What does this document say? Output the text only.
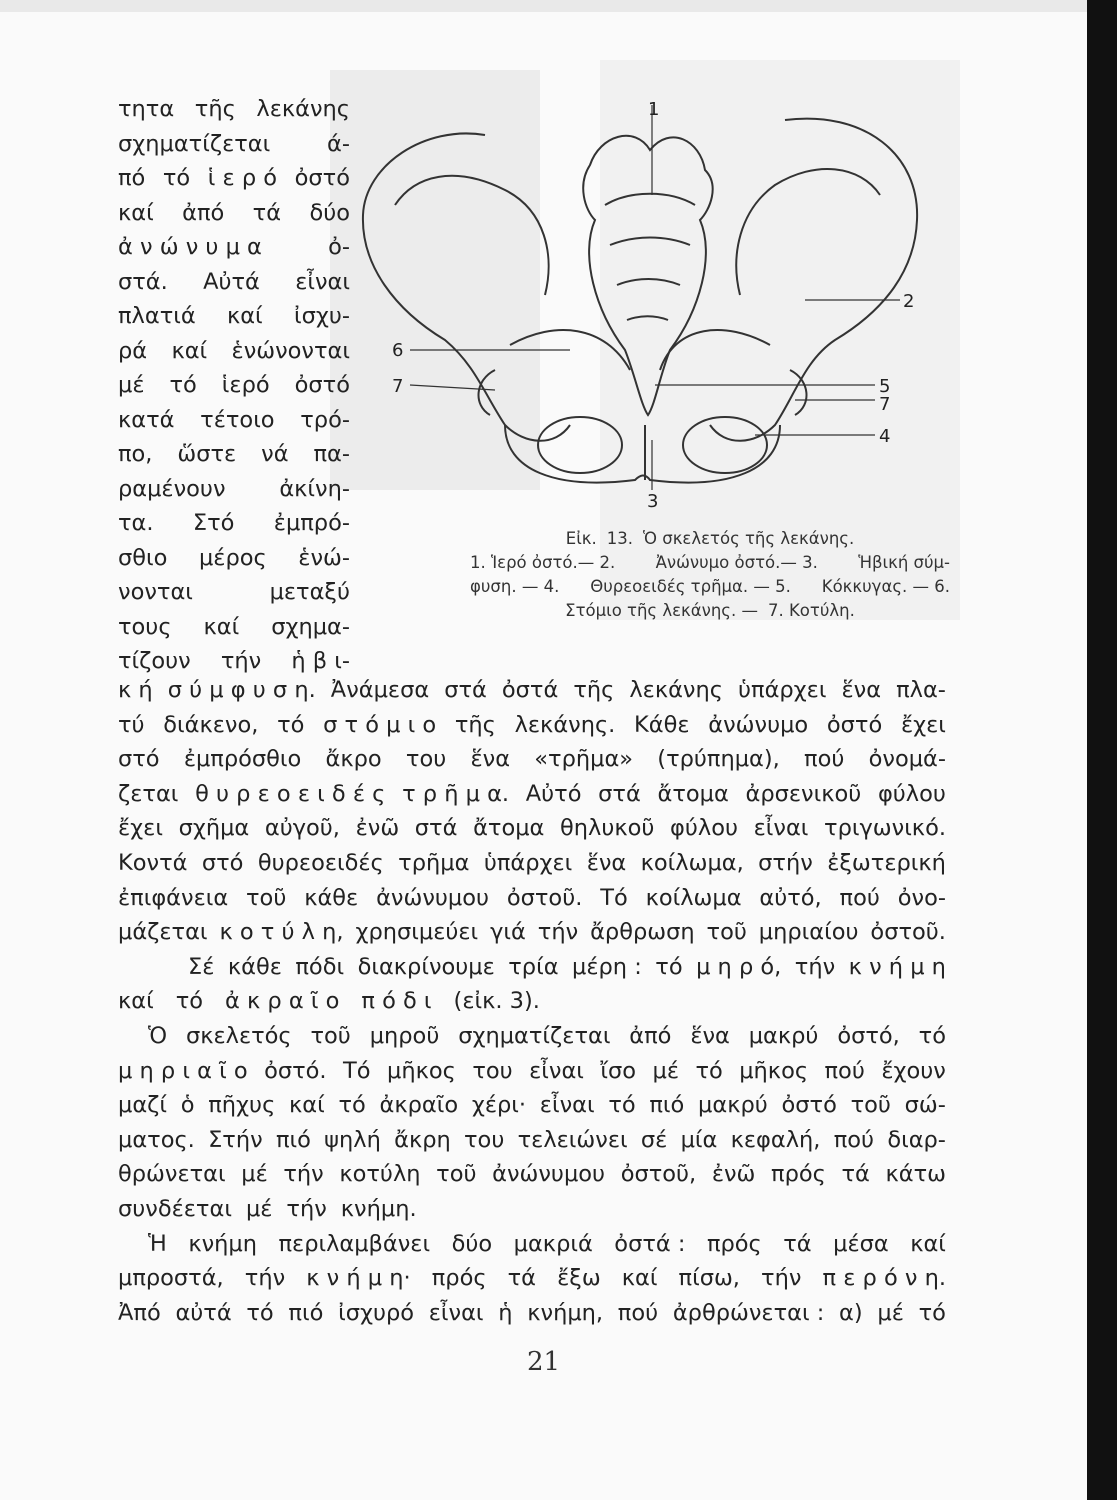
τητα τῆς λεκάνης
σχηματίζεται	ά-
πό τό ἱ ε ρ ό ὀστό
καί ἀπό τά δύο
ἀ ν ώ ν υ μ α	ὀ-
στά. Αὐτά εἶναι
πλατιά καί ἰσχυ-
ρά καί ἑνώνονται
μέ τό ἱερό ὀστό
κατά τέτοιο τρό-
πο, ὥστε νά πα-
ραμένουν ἀκίνη-
τα. Στό ἐμπρό-
σθιο μέρος ἑνώ-
νονται	μεταξύ
τους καί σχημα-
τίζουν τήν ἡ β ι-
1
2
3
4
5
6
7
7
Εἰκ. 13. Ὁ σκελετός τῆς λεκάνης.
1. Ἱερό ὀστό.— 2. Ἀνώνυμο ὀστό.— 3. Ἡβική σύμ-
φυση. — 4. Θυρεοειδές τρῆμα. — 5. Κόκκυγας. — 6.
Στόμιο τῆς λεκάνης. — 7. Κοτύλη.
κ ή σ ύ μ φ υ σ η. Ἀνάμεσα στά ὀστά τῆς λεκάνης ὑπάρχει ἕνα πλα-
τύ διάκενο, τό σ τ ό μ ι ο τῆς λεκάνης. Κάθε ἀνώνυμο ὀστό ἔχει
στό ἐμπρόσθιο ἄκρο του ἕνα «τρῆμα» (τρύπημα), πού ὀνομά-
ζεται θ υ ρ ε ο ε ι δ έ ς τ ρ ῆ μ α. Αὐτό στά ἄτομα ἀρσενικοῦ φύλου
ἔχει σχῆμα αὐγοῦ, ἐνῶ στά ἄτομα θηλυκοῦ φύλου εἶναι τριγωνικό.
Κοντά στό θυρεοειδές τρῆμα ὑπάρχει ἕνα κοίλωμα, στήν ἐξωτερική
ἐπιφάνεια τοῦ κάθε ἀνώνυμου ὀστοῦ. Τό κοίλωμα αὐτό, πού ὀνο-
μάζεται κ ο τ ύ λ η, χρησιμεύει γιά τήν ἄρθρωση τοῦ μηριαίου ὀστοῦ.
Σέ κάθε πόδι διακρίνουμε τρία μέρη : τό μ η ρ ό, τήν κ ν ή μ η
καί τό ἀ κ ρ α ῖ ο π ό δ ι (εἰκ. 3).
Ὁ σκελετός τοῦ μηροῦ σχηματίζεται ἀπό ἕνα μακρύ ὀστό, τό
μ η ρ ι α ῖ ο ὀστό. Τό μῆκος του εἶναι ἴσο μέ τό μῆκος πού ἔχουν
μαζί ὁ πῆχυς καί τό ἀκραῖο χέρι· εἶναι τό πιό μακρύ ὀστό τοῦ σώ-
ματος. Στήν πιό ψηλή ἄκρη του τελειώνει σέ μία κεφαλή, πού διαρ-
θρώνεται μέ τήν κοτύλη τοῦ ἀνώνυμου ὀστοῦ, ἐνῶ πρός τά κάτω
συνδέεται μέ τήν κνήμη.
Ἡ κνήμη περιλαμβάνει δύο μακριά ὀστά : πρός τά μέσα καί
μπροστά, τήν κ ν ή μ η· πρός τά ἔξω καί πίσω, τήν π ε ρ ό ν η.
Ἀπό αὐτά τό πιό ἰσχυρό εἶναι ἡ κνήμη, πού ἀρθρώνεται : α) μέ τό
21
